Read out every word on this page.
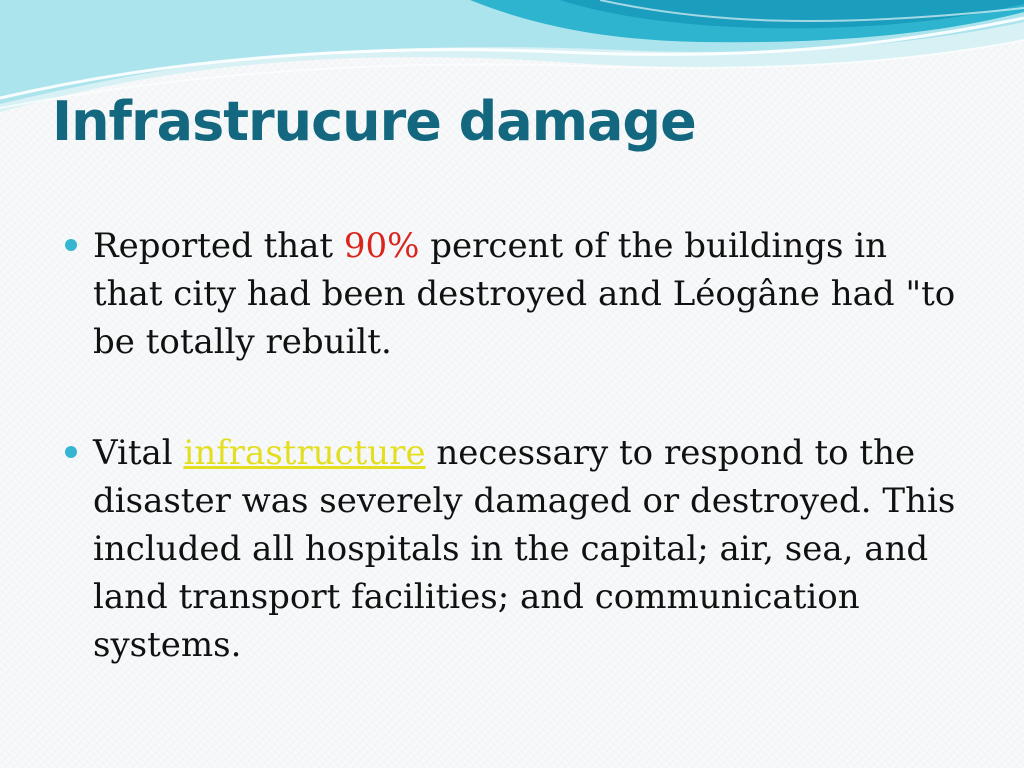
Infrastrucure damage
Reported that 90% percent of the buildings in that city had been destroyed and Léogâne had "to be totally rebuilt.
Vital infrastructure necessary to respond to the disaster was severely damaged or destroyed. This included all hospitals in the capital; air, sea, and land transport facilities; and communication systems.
